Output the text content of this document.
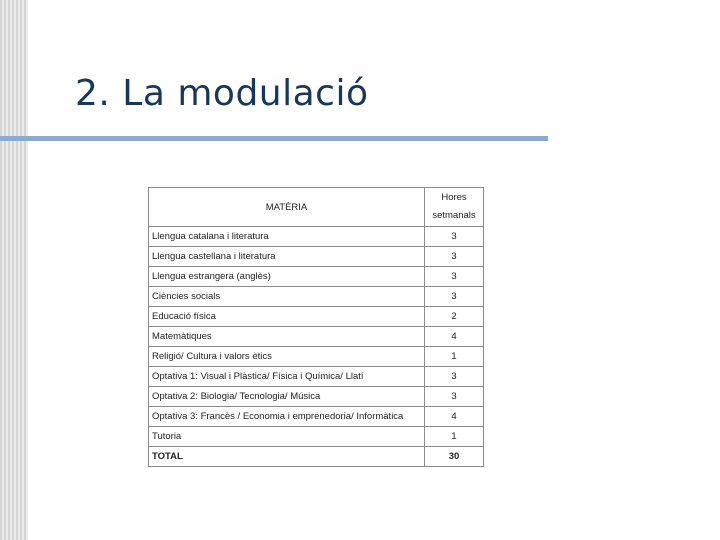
2. La modulació
MATÈRIA	Hores
setmanals

Llengua catalana i literatura	3
Llengua castellana i literatura	3
Llengua estrangera (anglès)	3
Ciències socials	3
Educació física	2
Matemàtiques	4
Religió/ Cultura i valors ètics	1
Optativa 1: Visual i Plàstica/ Física i Química/ Llatí	3
Optativa 2: Biologia/ Tecnologia/ Música	3
Optativa 3: Francès / Economia i emprenedoria/ Informàtica	4
Tutoria	1
TOTAL	30
